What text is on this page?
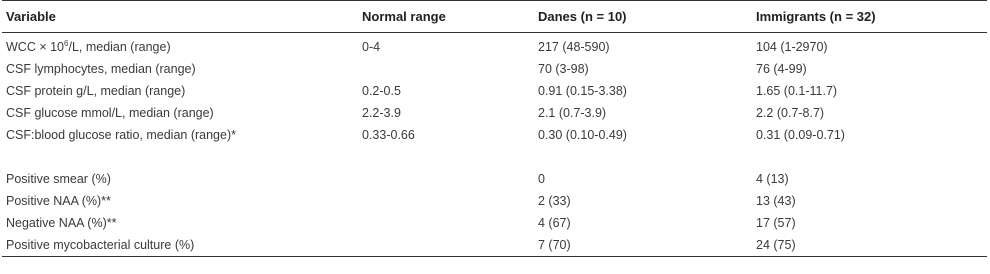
Variable	Normal range	Danes (n = 10)	Immigrants (n = 32)
WCC × $10^6/L$, median (range)	0-4	217 (48-590)	104 (1-2970)
CSF lymphocytes, median (range)		70 (3-98)	76 (4-99)
CSF protein g/L, median (range)	0.2-0.5	0.91 (0.15-3.38)	1.65 (0.1-11.7)
CSF glucose mmol/L, median (range)	2.2-3.9	2.1 (0.7-3.9)	2.2 (0.7-8.7)
CSF:blood glucose ratio, median (range)*	0.33-0.66	0.30 (0.10-0.49)	0.31 (0.09-0.71)

Positive smear (%)		0	4 (13)
Positive NAA (%)**		2 (33)	13 (43)
Negative NAA (%)**		4 (67)	17 (57)
Positive mycobacterial culture (%)		7 (70)	24 (75)
